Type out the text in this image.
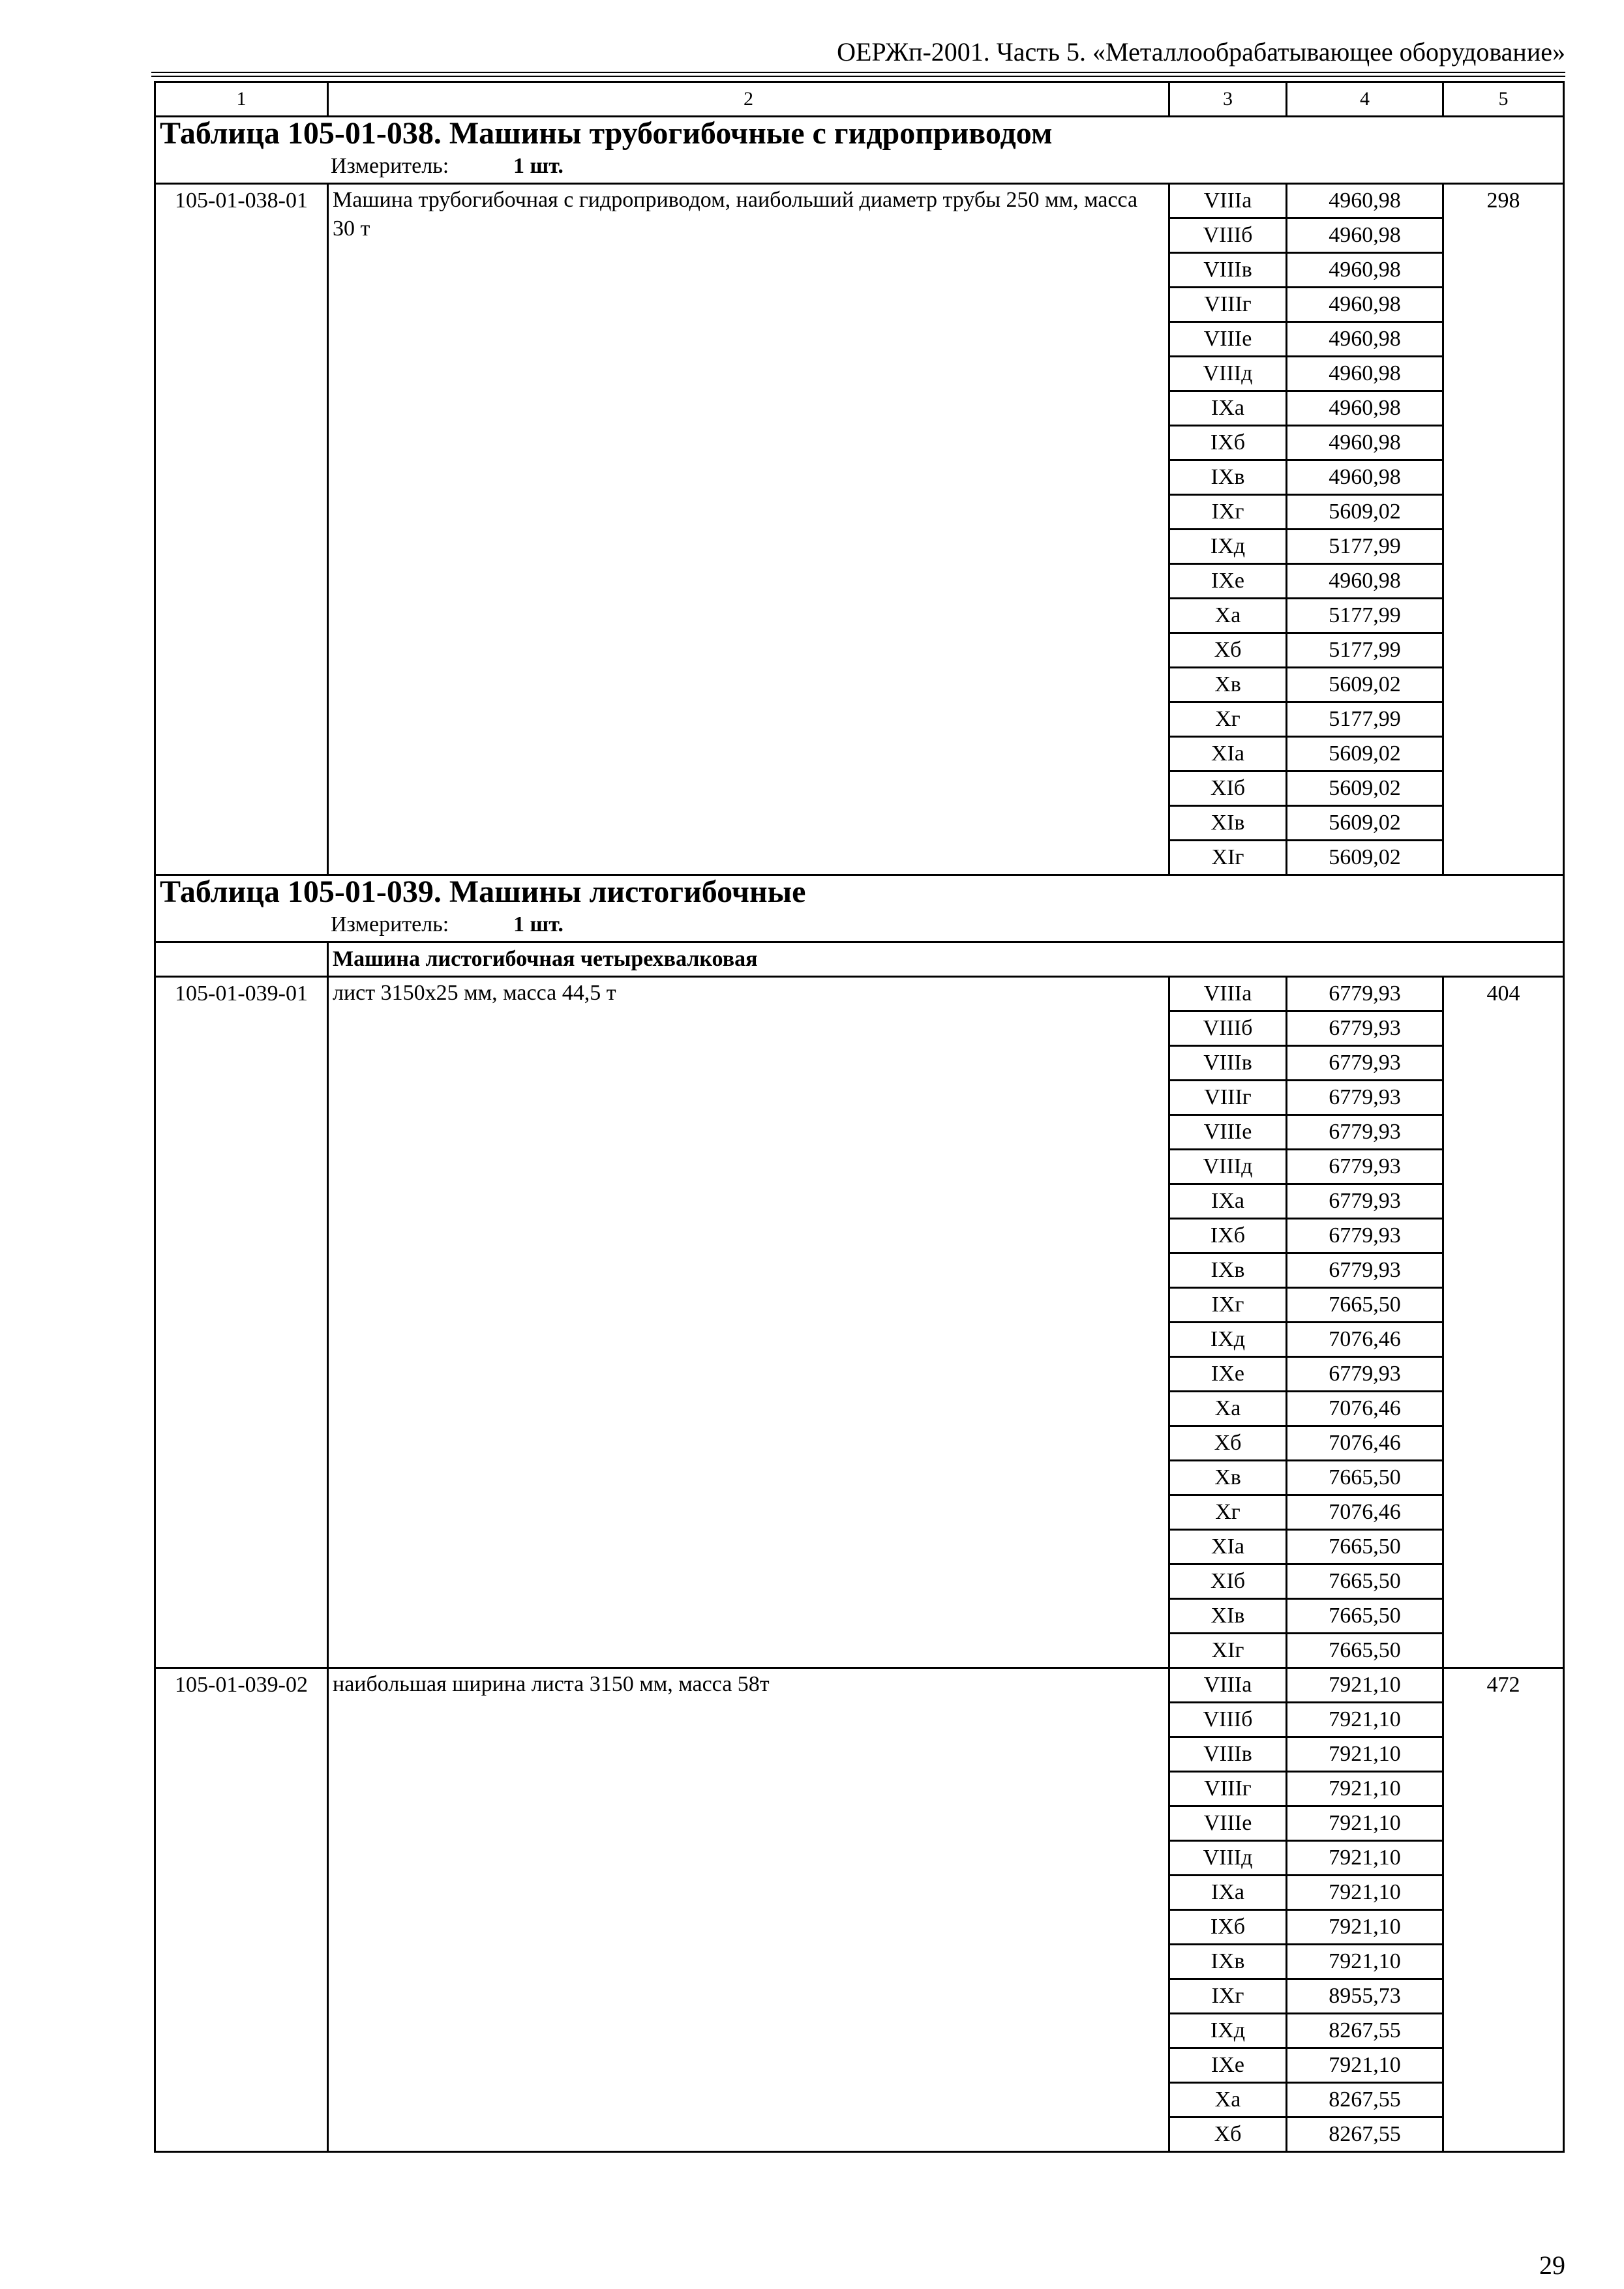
ОЕРЖп-2001. Часть 5. «Металлообрабатывающее оборудование»
1	2	3	4	5
Таблица 105-01-038. Машины трубогибочные с гидроприводом				
Измеритель: 1 шт.				
105-01-038-01	Машина трубогибочная с гидроприводом, наибольший диаметр трубы 250 мм, масса 30 т	VIIIа	4960,98	298
		VIIIб	4960,98	
		VIIIв	4960,98	
		VIIIг	4960,98	
		VIIIе	4960,98	
		VIIIд	4960,98	
		IXа	4960,98	
		IXб	4960,98	
		IXв	4960,98	
		IXг	5609,02	
		IXд	5177,99	
		IXе	4960,98	
		Xа	5177,99	
		Xб	5177,99	
		Xв	5609,02	
		Xг	5177,99	
		XIа	5609,02	
		XIб	5609,02	
		XIв	5609,02	
		XIг	5609,02	
Таблица 105-01-039. Машины листогибочные				
Измеритель: 1 шт.				
	Машина листогибочная четырехвалковая			
105-01-039-01	лист 3150х25 мм, масса 44,5 т	VIIIа	6779,93	404
		VIIIб	6779,93	
		VIIIв	6779,93	
		VIIIг	6779,93	
		VIIIе	6779,93	
		VIIIд	6779,93	
		IXа	6779,93	
		IXб	6779,93	
		IXв	6779,93	
		IXг	7665,50	
		IXд	7076,46	
		IXе	6779,93	
		Xа	7076,46	
		Xб	7076,46	
		Xв	7665,50	
		Xг	7076,46	
		XIа	7665,50	
		XIб	7665,50	
		XIв	7665,50	
		XIг	7665,50	
105-01-039-02	наибольшая ширина листа 3150 мм, масса 58т	VIIIа	7921,10	472
		VIIIб	7921,10	
		VIIIв	7921,10	
		VIIIг	7921,10	
		VIIIе	7921,10	
		VIIIд	7921,10	
		IXа	7921,10	
		IXб	7921,10	
		IXв	7921,10	
		IXг	8955,73	
		IXд	8267,55	
		IXе	7921,10	
		Xа	8267,55	
		Xб	8267,55	
29
